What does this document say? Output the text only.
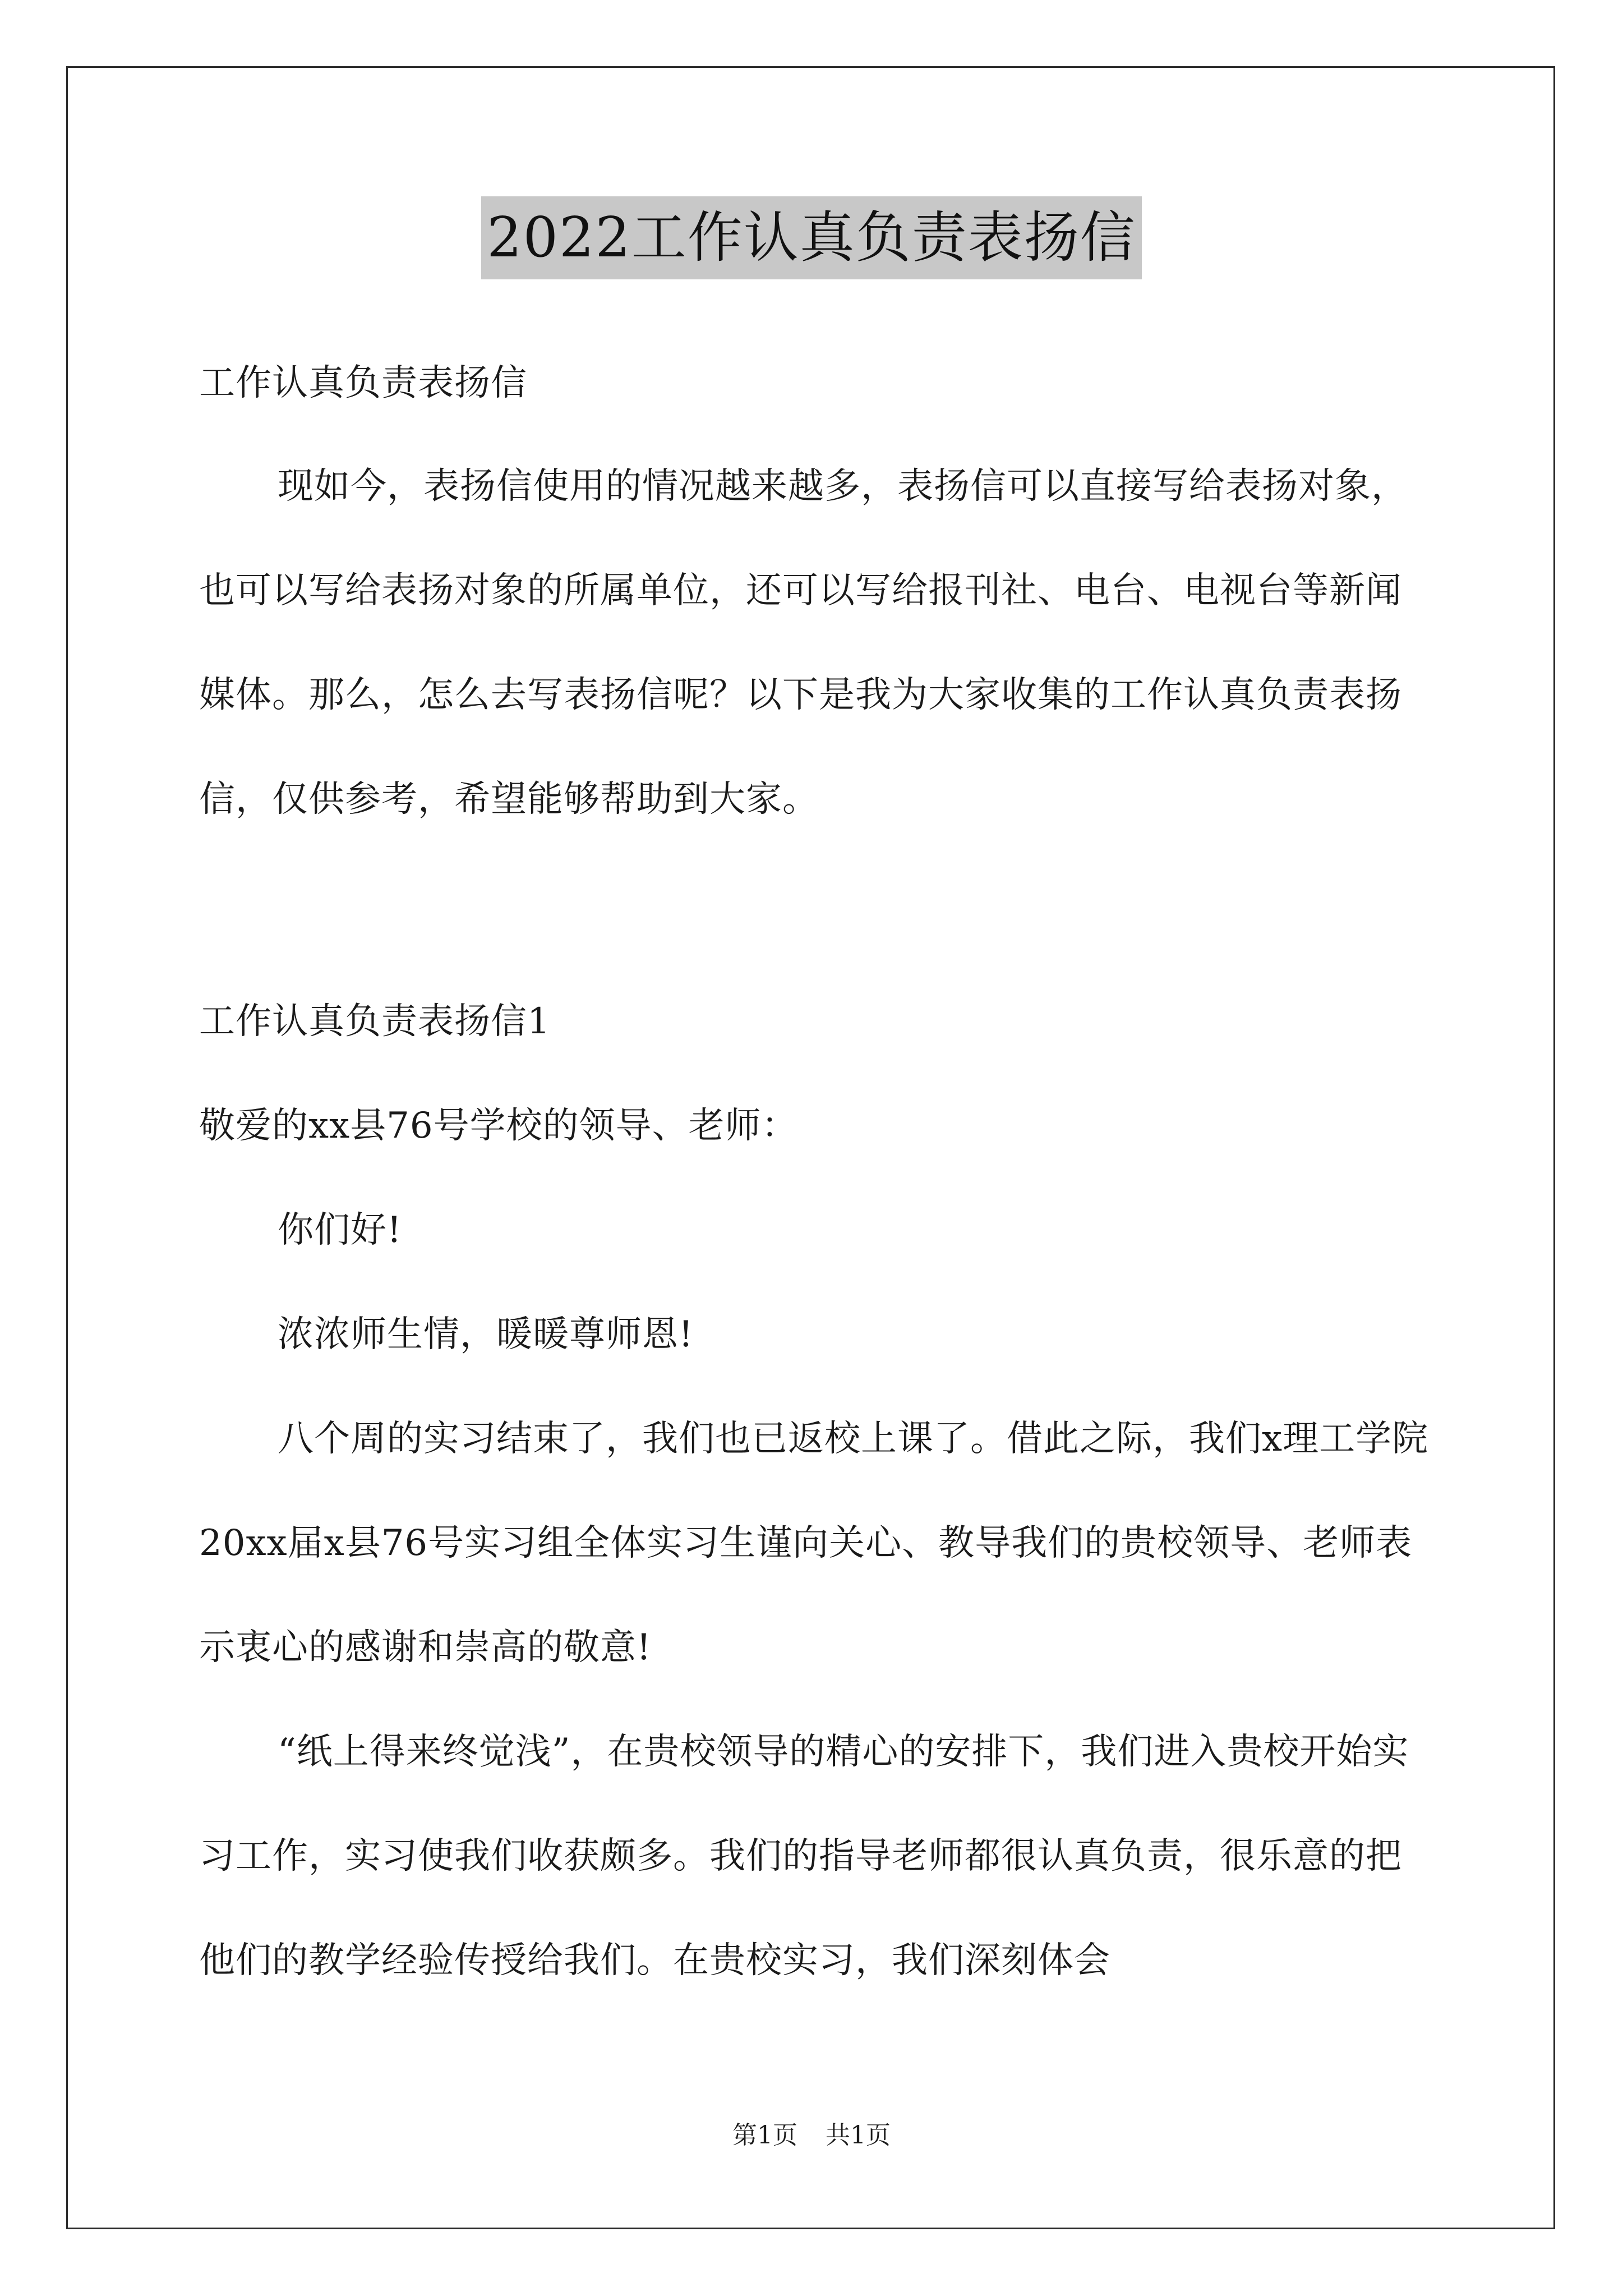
2022工作认真负责表扬信

工作认真负责表扬信

现如今，表扬信使用的情况越来越多，表扬信可以直接写给表扬对象，也可以写给表扬对象的所属单位，还可以写给报刊社、电台、电视台等新闻媒体。那么，怎么去写表扬信呢？以下是我为大家收集的工作认真负责表扬信，仅供参考，希望能够帮助到大家。

工作认真负责表扬信1

敬爱的xx县76号学校的领导、老师：

你们好!

浓浓师生情，暖暖尊师恩!

八个周的实习结束了，我们也已返校上课了。借此之际，我们x理工学院20xx届x县76号实习组全体实习生谨向关心、教导我们的贵校领导、老师表示衷心的感谢和崇高的敬意!

“纸上得来终觉浅”，在贵校领导的精心的安排下，我们进入贵校开始实习工作，实习使我们收获颇多。我们的指导老师都很认真负责，很乐意的把他们的教学经验传授给我们。在贵校实习，我们深刻体会

第1页 共1页
